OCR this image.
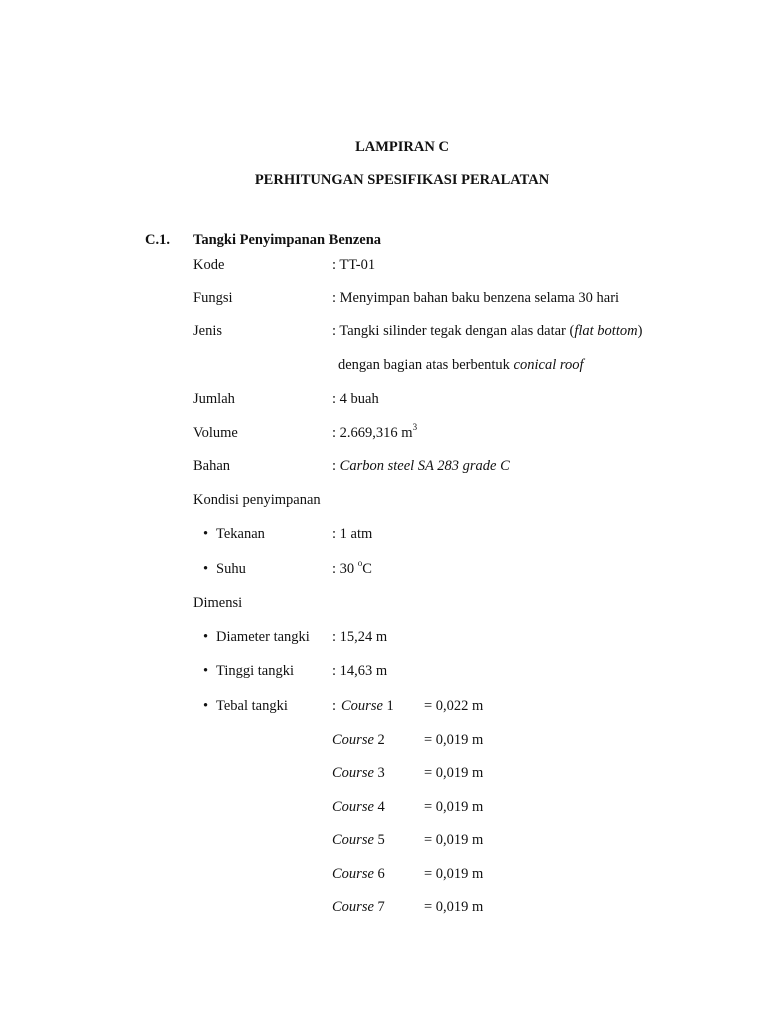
LAMPIRAN C
PERHITUNGAN SPESIFIKASI PERALATAN
C.1. Tangki Penyimpanan Benzena
Kode	: TT-01
Fungsi	: Menyimpan bahan baku benzena selama 30 hari
Jenis	: Tangki silinder tegak dengan alas datar (flat bottom)
dengan bagian atas berbentuk conical roof
Jumlah	: 4 buah
Volume	: 2.669,316 $m^3$
Bahan	: Carbon steel SA 283 grade C
Kondisi penyimpanan
• Tekanan	: 1 atm
• Suhu	: 30 $^o$C
Dimensi
• Diameter tangki : 15,24 m
• Tinggi tangki	: 14,63 m
• Tebal tangki	: Course 1 = 0,022 m
Course 2	= 0,019 m
Course 3	= 0,019 m
Course 4	= 0,019 m
Course 5	= 0,019 m
Course 6	= 0,019 m
Course 7	= 0,019 m
